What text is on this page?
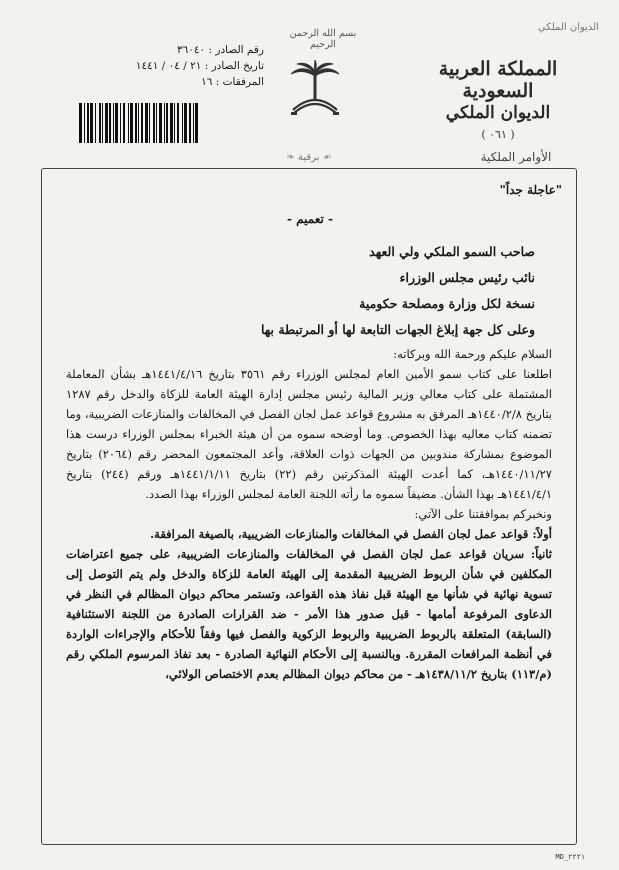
الديوان الملكي
بسم الله الرحمن الرحيم
رقم الصادر : ٣٦٠٤٠
تاريخ الصادر : ٢١ / ٠٤ / ١٤٤١
المرفقات : ١٦
المملكة العربية السعودية
الديوان الملكي
( ٠٦١ )
❧ برقية ☙	الأوامر الملكية
"عاجلة جداً"
- تعميم -
صاحب السمو الملكي ولي العهد
نائب رئيس مجلس الوزراء
نسخة لكل وزارة ومصلحة حكومية
وعلى كل جهة إبلاغ الجهات التابعة لها أو المرتبطة بها

السلام عليكم ورحمة الله وبركاته:

اطلعنا على كتاب سمو الأمين العام لمجلس الوزراء رقم ٣٥٦١ بتاريخ ١٤٤١/٤/١٦هـ بشأن المعاملة المشتملة على كتاب معالي وزير المالية رئيس مجلس إدارة الهيئة العامة للزكاة والدخل رقم ١٢٨٧ بتاريخ ١٤٤٠/٢/٨هـ المرفق به مشروع قواعد عمل لجان الفصل في المخالفات والمنازعات الضريبية، وما تضمنه كتاب معاليه بهذا الخصوص. وما أوضحه سموه من أن هيئة الخبراء بمجلس الوزراء درست هذا الموضوع بمشاركة مندوبين من الجهات ذوات العلاقة، وأعد المجتمعون المحضر رقم (٢٠٦٤) بتاريخ ١٤٤٠/١١/٢٧هـ، كما أعدت الهيئة المذكرتين رقم (٢٢) بتاريخ ١٤٤١/١/١١هـ ورقم (٢٤٤) بتاريخ ١٤٤١/٤/١هـ بهذا الشأن. مضيفاً سموه ما رأته اللجنة العامة لمجلس الوزراء بهذا الصدد.

ونخبركم بموافقتنا على الآتي:

أولاً: قواعد عمل لجان الفصل في المخالفات والمنازعات الضريبية، بالصيغة المرافقة.

ثانياً: سريان قواعد عمل لجان الفصل في المخالفات والمنازعات الضريبية، على جميع اعتراضات المكلفين في شأن الربوط الضريبية المقدمة إلى الهيئة العامة للزكاة والدخل ولم يتم التوصل إلى تسوية نهائية في شأنها مع الهيئة قبل نفاذ هذه القواعد، وتستمر محاكم ديوان المظالم في النظر في الدعاوى المرفوعة أمامها - قبل صدور هذا الأمر - ضد القرارات الصادرة من اللجنة الاستئنافية (السابقة) المتعلقة بالربوط الضريبية والربوط الزكوية والفصل فيها وفقاً للأحكام والإجراءات الواردة في أنظمة المرافعات المقررة. وبالنسبة إلى الأحكام النهائية الصادرة - بعد نفاذ المرسوم الملكي رقم (م/١١٣) بتاريخ ١٤٣٨/١١/٢هـ - من محاكم ديوان المظالم بعدم الاختصاص الولائي،

MD_٢٢٢١
